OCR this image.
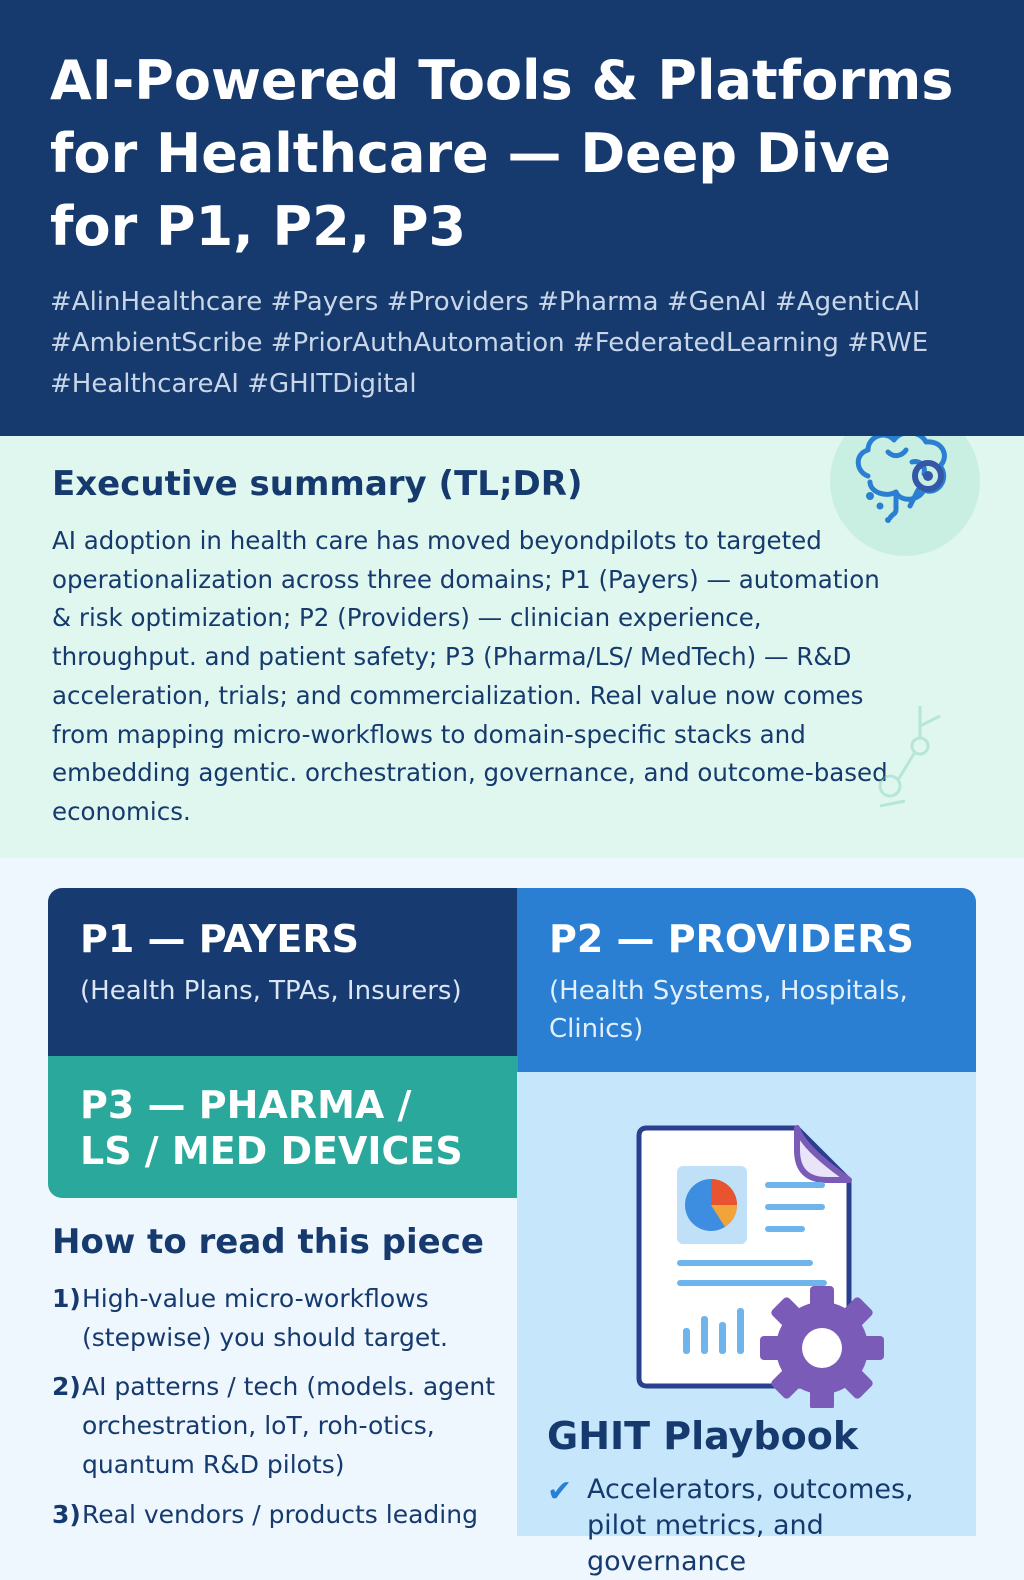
AI-Powered Tools & Platforms for Healthcare — Deep Dive for P1, P2, P3
#AlinHealthcare #Payers #Providers #Pharma #GenAI #AgenticAl #AmbientScribe #PriorAuthAutomation #FederatedLearning #RWE #HealthcareAI #GHITDigital
Executive summary (TL;DR)

AI adoption in health care has moved beyondpilots to targeted operationalization across three domains; P1 (Payers) — automation & risk optimization; P2 (Providers) — clinician experience, throughput. and patient safety; P3 (Pharma/LS/ MedTech) — R&D acceleration, trials; and commercialization. Real value now comes from mapping micro-workflows to domain-specific stacks and embedding agentic. orchestration, governance, and outcome-based economics.

P1 — PAYERS

(Health Plans, TPAs, Insurers)

P2 — PROVIDERS

(Health Systems, Hospitals, Clinics)

P3 — PHARMA /
LS / MED DEVICES
How to read this piece
1) High-value micro-workflows (stepwise) you should target.
2) AI patterns / tech (models. agent orchestration, loT, roh-otics, quantum R&D pilots)
3) Real vendors / products leading
GHIT Playbook
✔ Accelerators, outcomes, pilot metrics, and governance
